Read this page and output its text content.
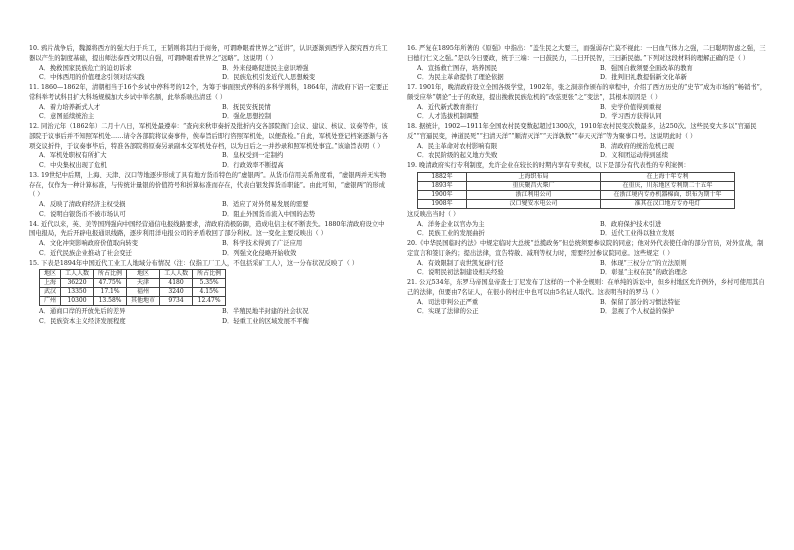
10. 鸦片战争后，魏源将西方的强大归于兵工，王韬则将其归于商务，可谓睁眼看世界之“近讲”，认识逐渐到西学入探究西方兵工器以产生的制度基础，提出师法泰西文明以自强，可谓睁眼看世界之“远略”。这说明（ ）
A．挽救国家民族危亡的迫切诉求	B．外来侵略促进民主意识增强
C．中体西用的价值理念引领对话实践	D．民族危机引发近代人思想蜕变
11. 1860—1862年，清朝相当于16个乡试中停科考的12个，为筹于事面照式停科的多科学则科，1864年，清政府下诏一定要正常科举考试科目扩大科场规模加大乡试中举名额，此举系映出清廷（ ）
A．着力培养新式人才	B．抚民安抚民情
C．意图延续统治主	D．强化思想控制
12. 同治元年（1862年）二月十八日，军机处最遵奉：“查向来秋审奏折及批折内交各部院衙门会议、建议、核议、议奏等件，该部院于议事后并不知照军机处……请令各部院将议奏事件，俟奉旨后即行咨照军机处，以便查检。”自此，军机处登记档案逐渐与各项交议折件，于议奏事毕后，特准各部院将原奏另录副本交军机处存档，以为日后之一并抄录和照军机处事宜。”该谕旨表明（ ）
A．军机处职权有所扩大	B．皇权受到一定制约
C．中央集权出现了危机	D．行政效率不断提高
13. 19世纪中后期，上海、天津、汉口等地逐步形成了具有地方货币特色的“虚银两”。从货币信用关系角度看，“虚银两并无实物存在，仅作为一种计算标准，与传统计量银的价值符号和折算标准而存在，代表白银发挥货币职能”。由此可知，“虚银两”的形成（ ）
A．反映了清政府经济主权受损	B．适应了对外贸易发展的需要
C．说明白银货币不被市场认可	D．阻止外国货币流入中国的态势
14. 近代以来，英、美等国列强向中国经营通信电报线路要求，清政府消极防御，造成电信主权不断丧失。1880年清政府设立中国电报局，先后开辟电报通讯线路，逐步利用洋电报公司的矛盾收回了部分利权。这一变化主要反映出（ ）
A．文化冲突影响政府价值取向转变	B．科学技术得到了广泛应用
C．近代民族企业推动了社会变迁	D．列强文化侵略开始收敛
15. 下表是1894年中国近代工业工人地域分布情况（注：仅指工厂工人，不包括采矿工人），这一分布状况反映了（ ）
地区	工人人数	所占比例	地区	工人人数	所占比例
上海	36220	47.75%	天津	4180	5.35%
武汉	13350	17.1%	福州	3240	4.15%
广州	10300	13.58%	其他地市	9734	12.47%
A．通商口岸的开放先后的差异	B．半殖民地半封建的社会状况
C．民族资本主义经济发展程度	D．轻重工业的区域发展不平衡
16. 严复在1895年所著的《原强》中指出：“盖生民之大要三，而强弱存亡莫不视此：一曰血气体力之强，二曰聪明智虑之强，三曰德行仁义之强。”是以今日要政，统于三端：一曰鼓民力，二曰开民智，三曰新民德。”下列对这段材料的理解正确的是（ ）
A．宣扬救亡图存，培养国民	B．强国自救须要全面改革的教育
C．为民主革命提供了理论依据	D．批判旧礼教提倡新文化革新
17. 1901年，晚清政府设立全国各级学堂，1902年，张之洞亲作颁布的章程中，介绍了西方历史的“史节”成为市场的“畅销书”，颇受应举“朝论”士子的欢迎，提出挽救民族危机的“改弦更张”之“变法”，其根本原因是（ ）
A．近代新式教育推行	B．史学价值得到重视
C．人才选拔机制调整	D．学习西方获得认同
18. 据统计，1902—1911年全国农村民变数起超过1300次，1910年农村民变次数最多，达250次。这些民变大多以“官逼民反”“官逼民变，神道民死”“扫清天洋”“顺清灭洋”“天洋孰数”“奉天灭洋”等为聚事口号。这说明此时（ ）
A．民主革命对农村影响有限	B．清政府的统治危机已现
C．农民阶级的起义地方失败	D．义和团运动得到延续
19. 晚清政府实行专利制度，允许企业在较长的时期内享有专卖权，以下是部分有代表性的专利案例：
1882年	上海织布局	在上海十年专利
1893年	重庆聚昌火柴厂	在重庆，川东地区专利期二十五年
1900年	浙江利用公司	在浙江境内专办机器棉面，织布为期十年
1908年	汉口燮安水电公司	准其在汉口地方专办电灯
这反映出当时（ ）
A．洋务企业以官办为主	B．政府保护技术引进
C．民族工业的发展曲折	D．近代工业得以独立发展
20.《中华民国临时约法》中规定临时大总统“总揽政务”但总统须要参议院的同意；他对外代表使任命的部分官员，对外宣战，制定宣言和签订条约；提出法律，宣告特赦、减刑等权力时，需要经过参议院同意。这些规定（ ）
A．有效限制了袁世凯复辟行径	B．体现“三权分立”的立法原则
C．说明民初法制建设相关经验	D．彰显“主权在民”的政治理念
21. 公元534年，东罗马帝国皇帝查士丁尼发布了这样的一个补全规则：在单纯的诉讼中，但乡村地区允许例外，乡村可使用其自己的法律，但要由7名证人，在很小的村庄中也可以由5名证人取代。这表明当时的罗马（ ）
A．司法审判公正严重	B．保留了部分的习惯法特征
C．实现了法律的公正	D．忽视了个人权益的保护
